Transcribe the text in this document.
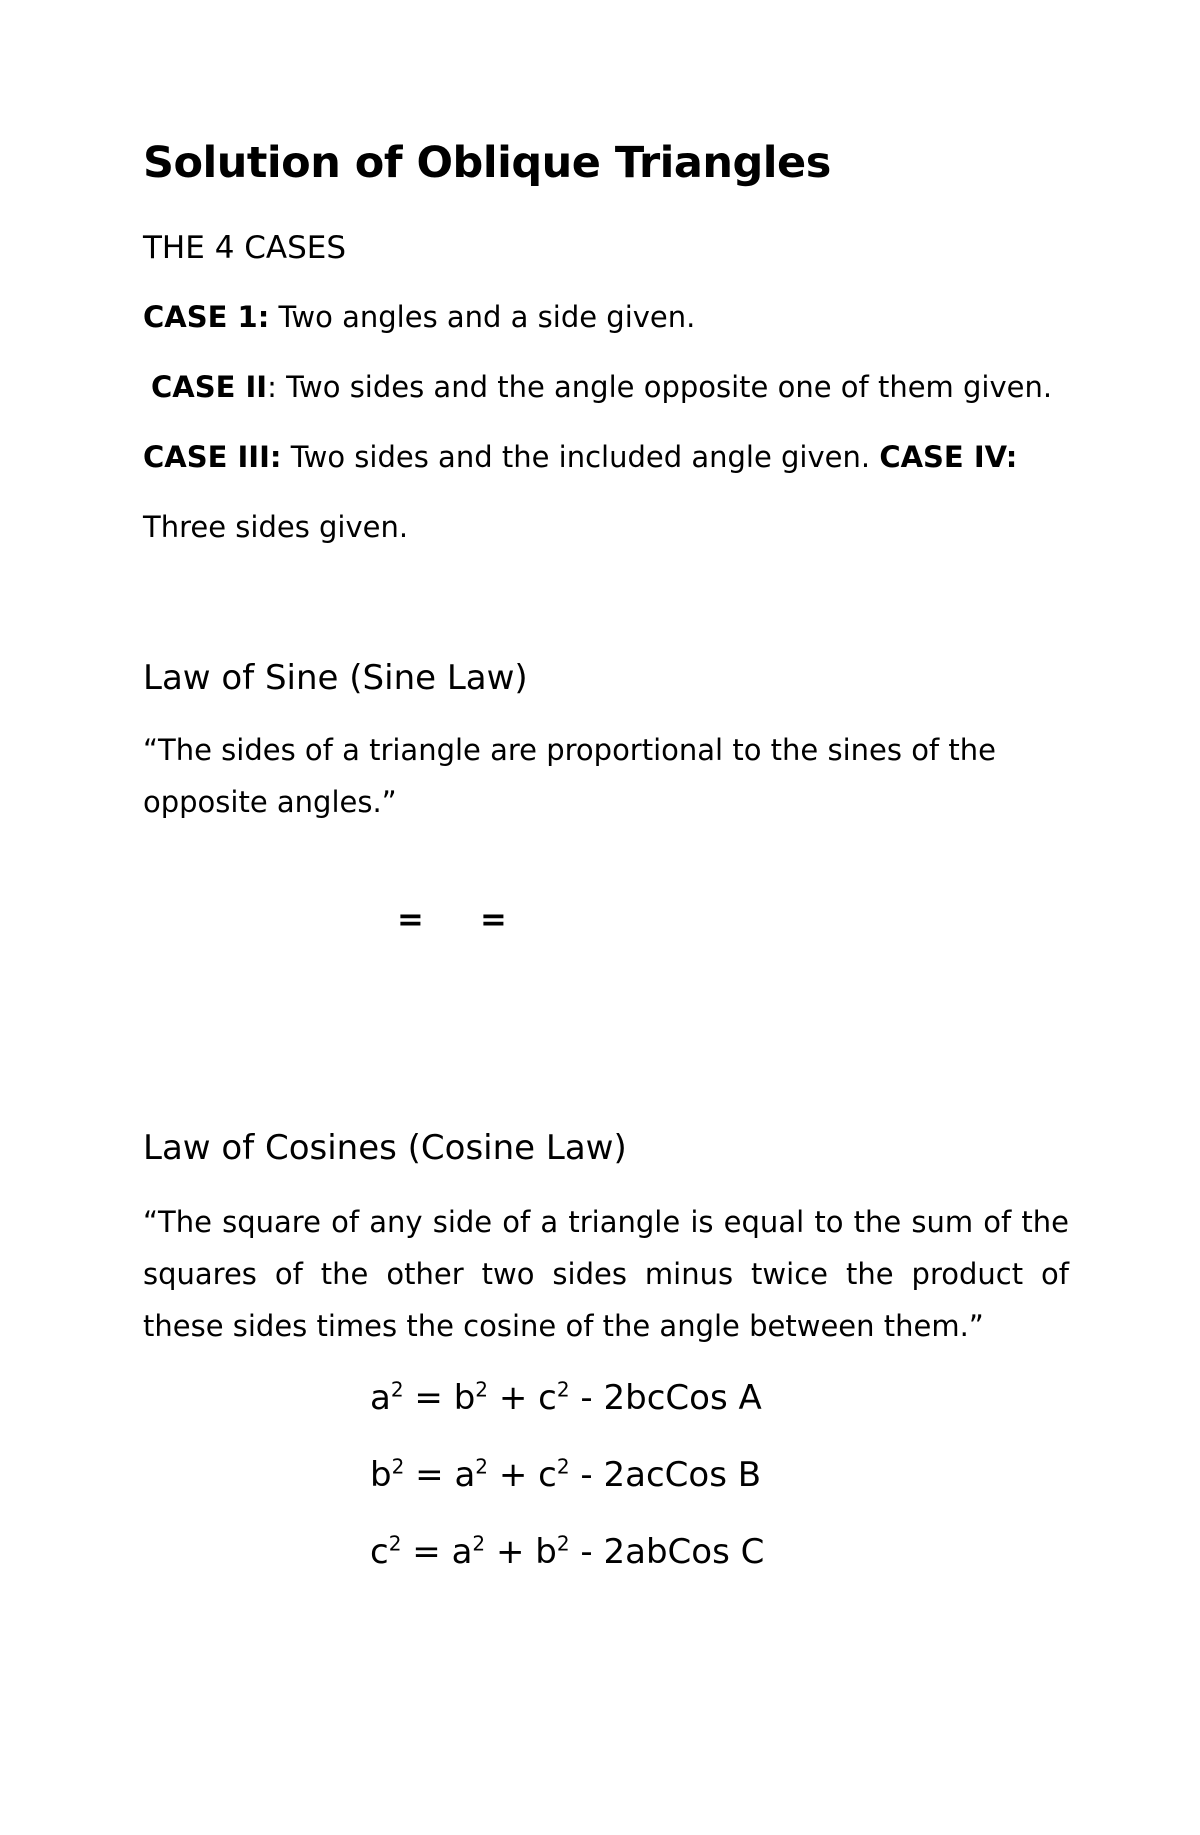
Solution of Oblique Triangles
THE 4 CASES
CASE 1: Two angles and a side given.
CASE II: Two sides and the angle opposite one of them given.
CASE III: Two sides and the included angle given. CASE IV:
Three sides given.
Law of Sine (Sine Law)
“The sides of a triangle are proportional to the sines of the opposite angles.”
= =
Law of Cosines (Cosine Law)
“The square of any side of a triangle is equal to the sum of the squares of the other two sides minus twice the product of these sides times the cosine of the angle between them.”
$a^2 = b^2 + c^2$ - 2bcCos A
$b^2 = a^2 + c^2$ - 2acCos B
$c^2 = a^2 + b^2$ - 2abCos C
